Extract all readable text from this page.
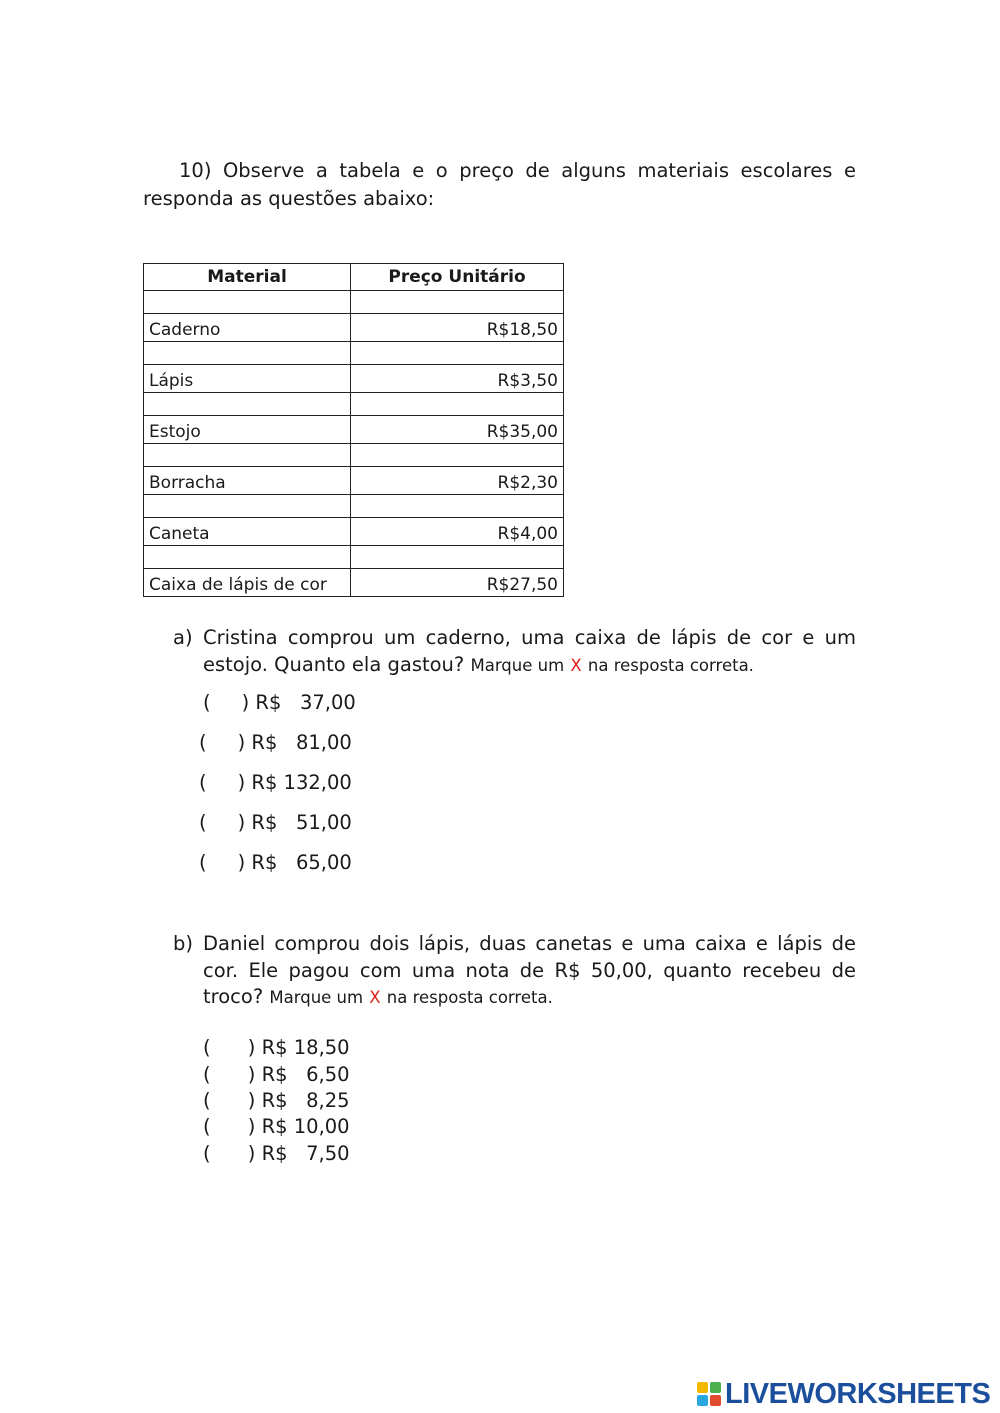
10) Observe a tabela e o preço de alguns materiais escolares e responda as questões abaixo:

Material	Preço Unitário

Caderno	R$18,50

Lápis	R$3,50

Estojo	R$35,00

Borracha	R$2,30

Caneta	R$4,00

Caixa de lápis de cor	R$27,50
a) Cristina comprou um caderno, uma caixa de lápis de cor e um estojo. Quanto ela gastou? Marque um X na resposta correta.
(     ) R$   37,00
(     ) R$   81,00
(     ) R$ 132,00
(     ) R$   51,00
(     ) R$   65,00
b) Daniel comprou dois lápis, duas canetas e uma caixa e lápis de cor. Ele pagou com uma nota de R$ 50,00, quanto recebeu de troco? Marque um X na resposta correta.
(      ) R$ 18,50
(      ) R$   6,50
(      ) R$   8,25
(      ) R$ 10,00
(      ) R$   7,50
LIVEWORKSHEETS
